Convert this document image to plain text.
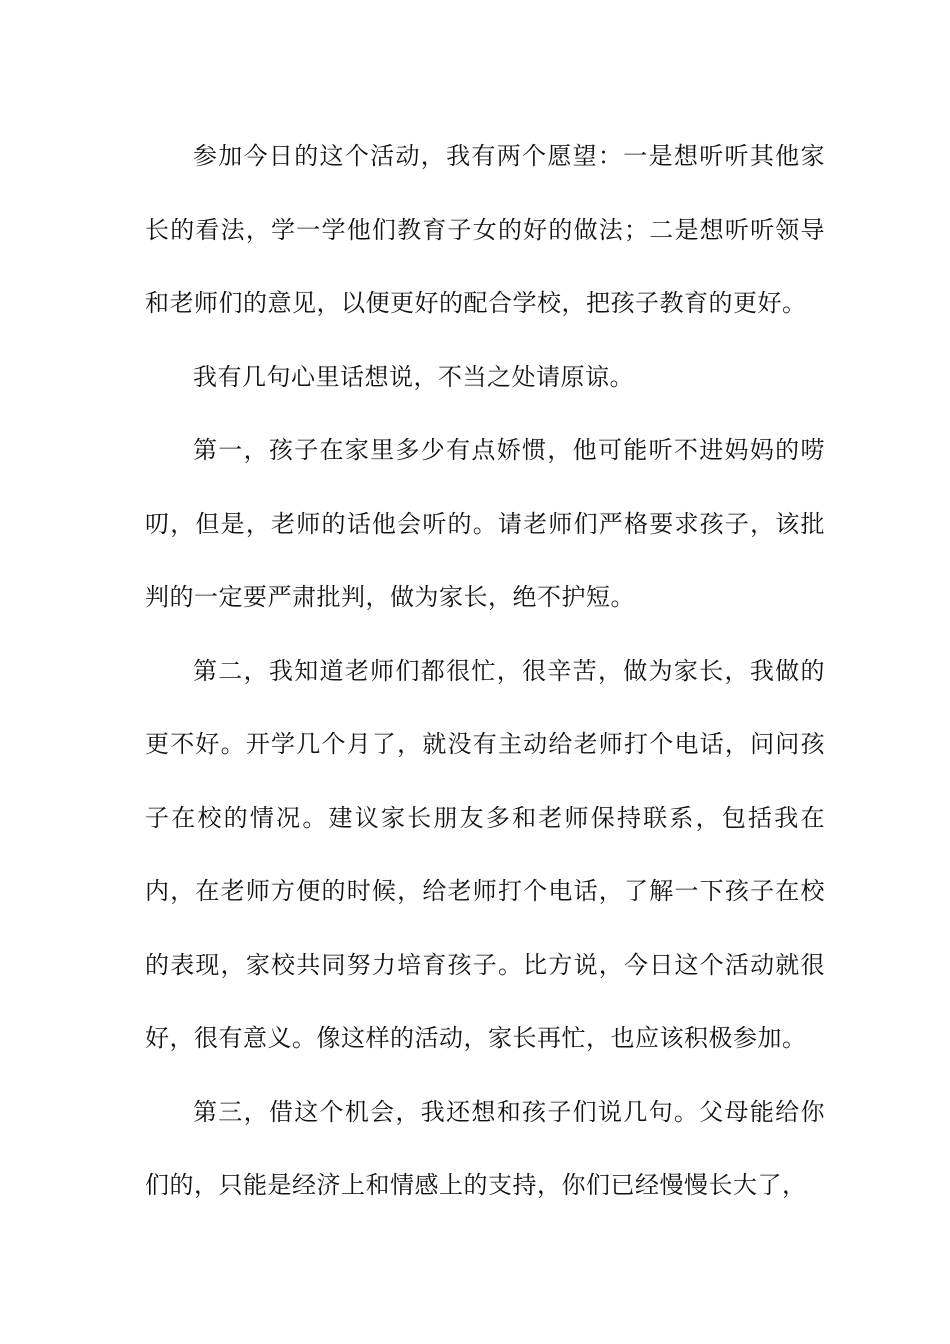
参加今日的这个活动，我有两个愿望：一是想听听其他家长的看法，学一学他们教育子女的好的做法；二是想听听领导和老师们的意见，以便更好的配合学校，把孩子教育的更好。

我有几句心里话想说，不当之处请原谅。

第一，孩子在家里多少有点娇惯，他可能听不进妈妈的唠叨，但是，老师的话他会听的。请老师们严格要求孩子，该批判的一定要严肃批判，做为家长，绝不护短。

第二，我知道老师们都很忙，很辛苦，做为家长，我做的更不好。开学几个月了，就没有主动给老师打个电话，问问孩子在校的情况。建议家长朋友多和老师保持联系，包括我在内，在老师方便的时候，给老师打个电话，了解一下孩子在校的表现，家校共同努力培育孩子。比方说，今日这个活动就很好，很有意义。像这样的活动，家长再忙，也应该积极参加。

第三，借这个机会，我还想和孩子们说几句。父母能给你们的，只能是经济上和情感上的支持，你们已经慢慢长大了，
